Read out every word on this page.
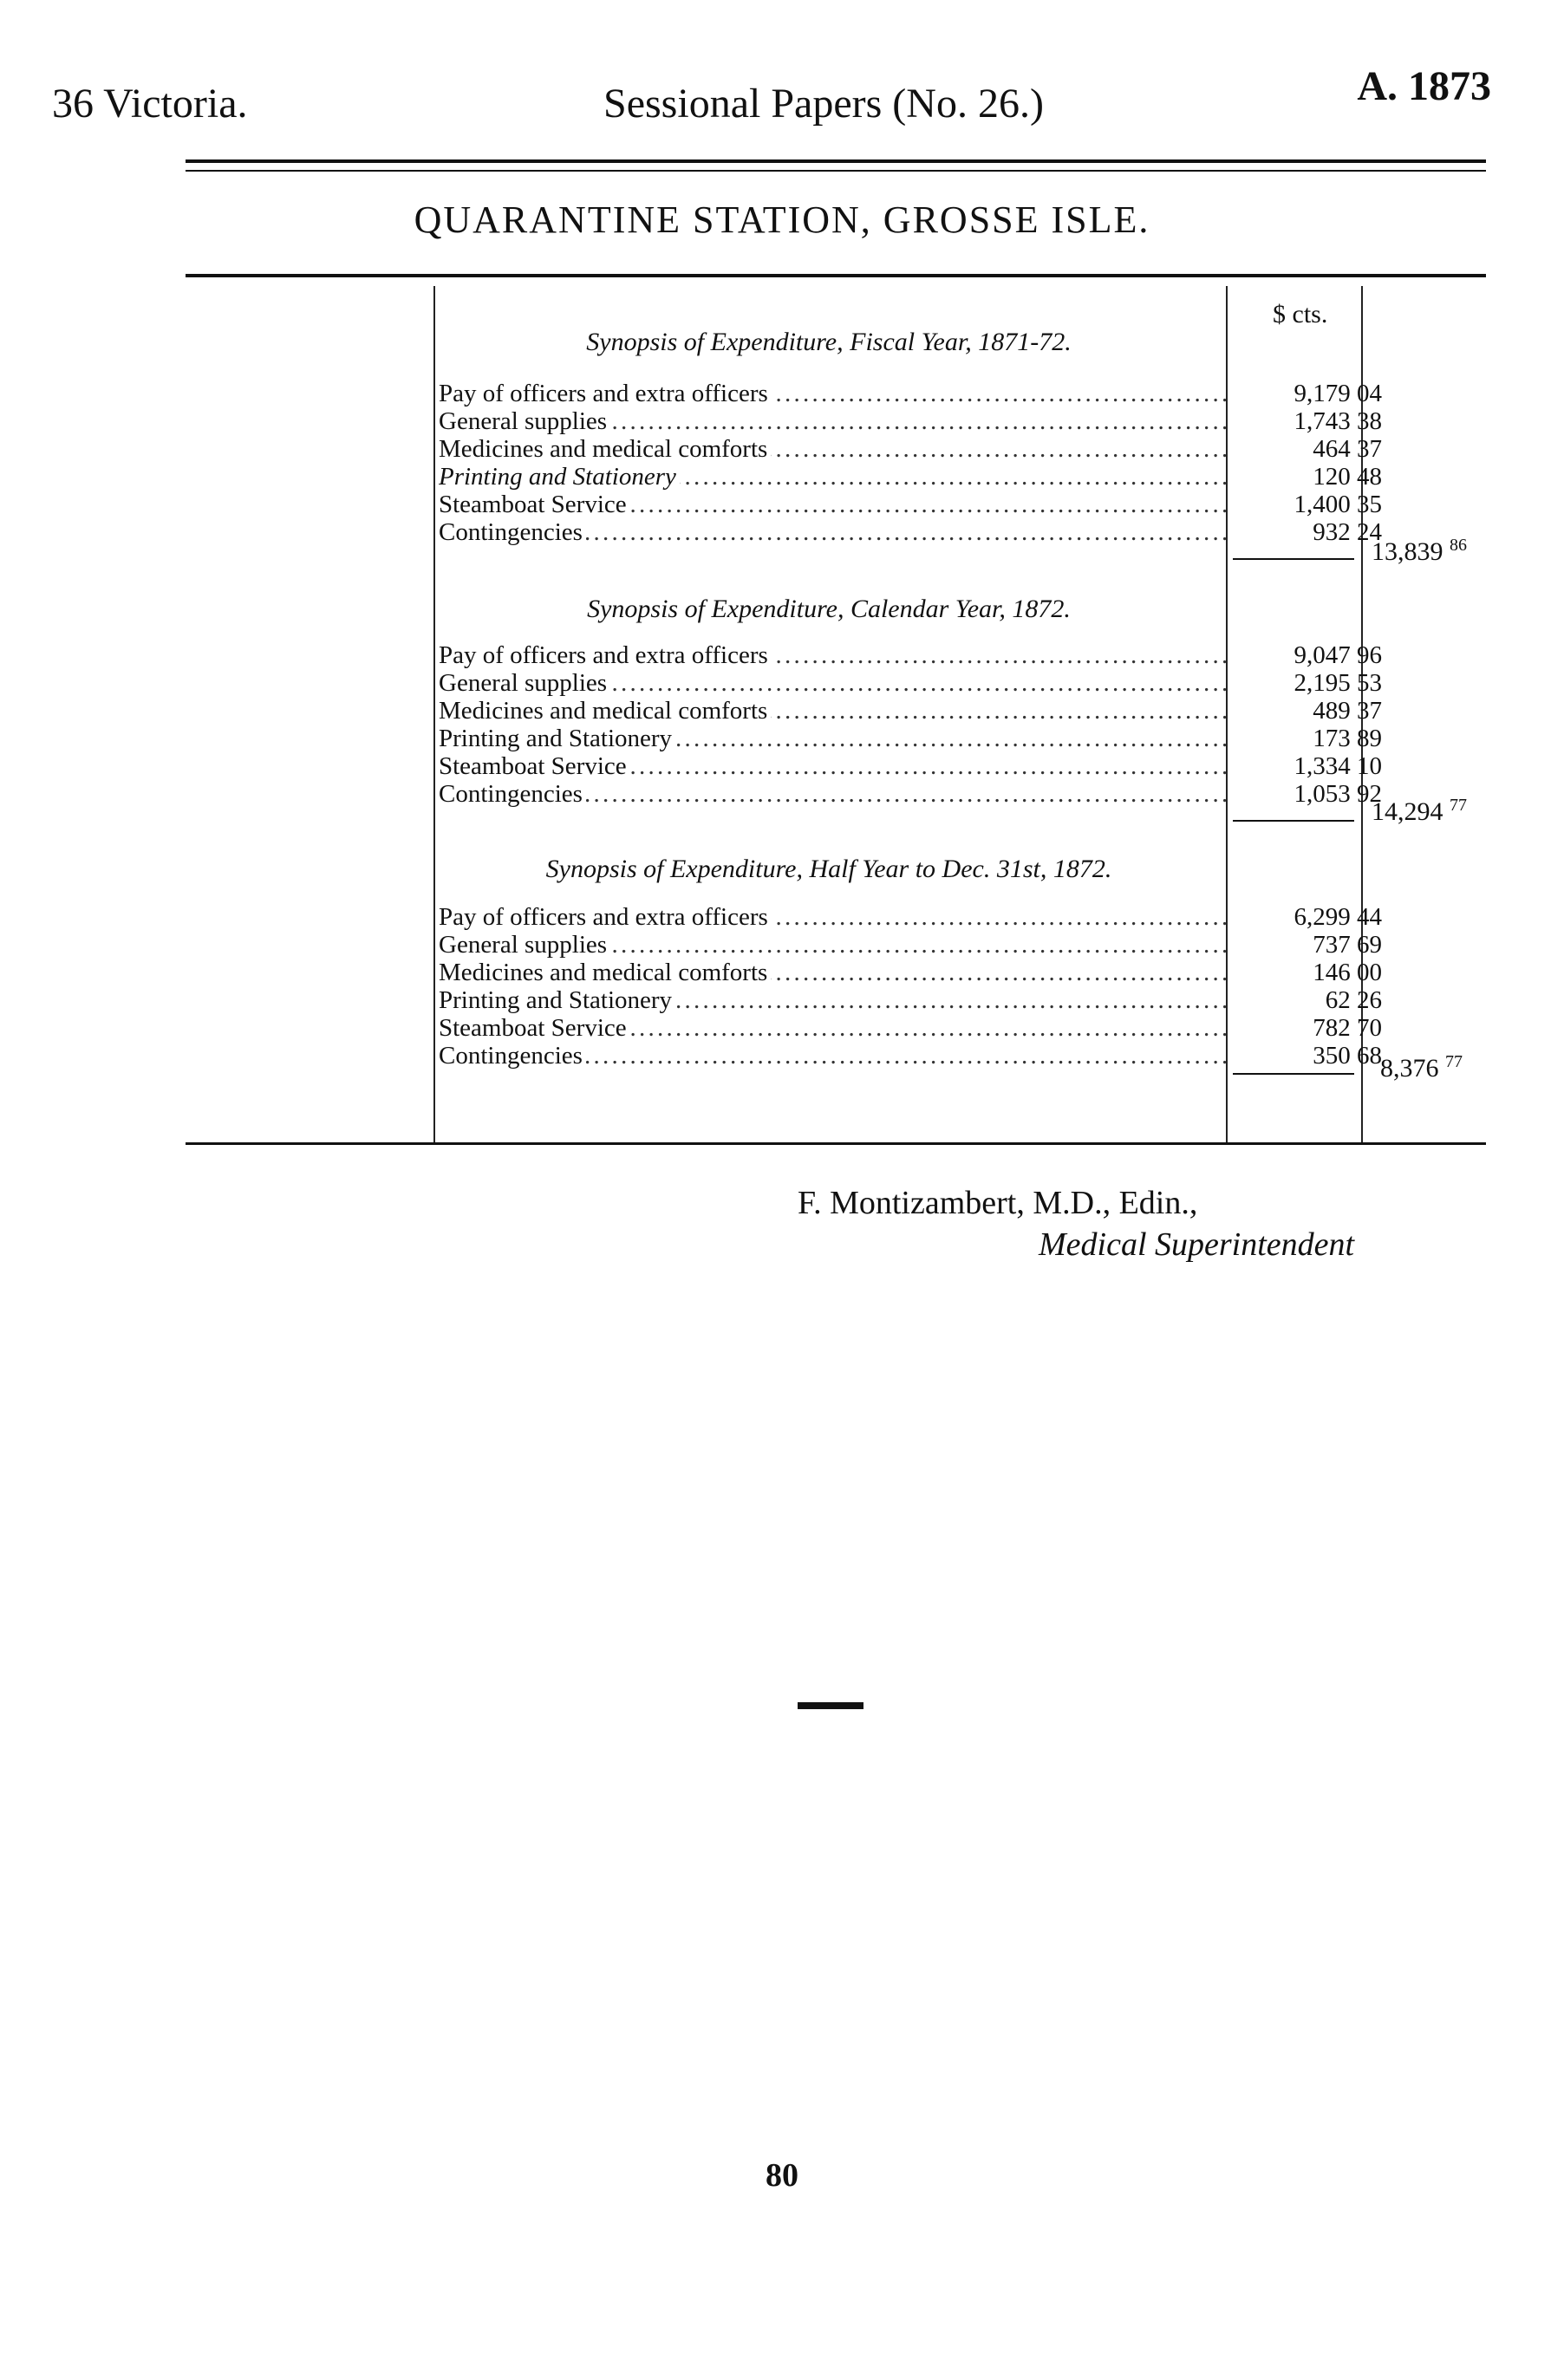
36 Victoria.	Sessional Papers (No. 26.)	A. 1873
QUARANTINE STATION, GROSSE ISLE.
$ cts.
Synopsis of Expenditure, Fiscal Year, 1871-72.
Pay of officers and extra officers . . .	9,179 04
General supplies . . .	1,743 38
Medicines and medical comforts . . .	464 37
Printing and Stationery . . .	120 48
Steamboat Service . . .	1,400 35
Contingencies . . .	932 24
13,839 $^{86}$
Synopsis of Expenditure, Calendar Year, 1872.
Pay of officers and extra officers . . .	9,047 96
General supplies . . .	2,195 53
Medicines and medical comforts . . .	489 37
Printing and Stationery . . .	173 89
Steamboat Service . . .	1,334 10
Contingencies . . .	1,053 92
14,294 $^{77}$
Synopsis of Expenditure, Half Year to Dec. 31st, 1872.
Pay of officers and extra officers . . .	6,299 44
General supplies . . .	737 69
Medicines and medical comforts . . .	146 00
Printing and Stationery . . .	62 26
Steamboat Service . . .	782 70
Contingencies . . .	350 68
8,376 $^{77}$
F. Montizambert, M.D., Edin.,
Medical Superintendent
80
